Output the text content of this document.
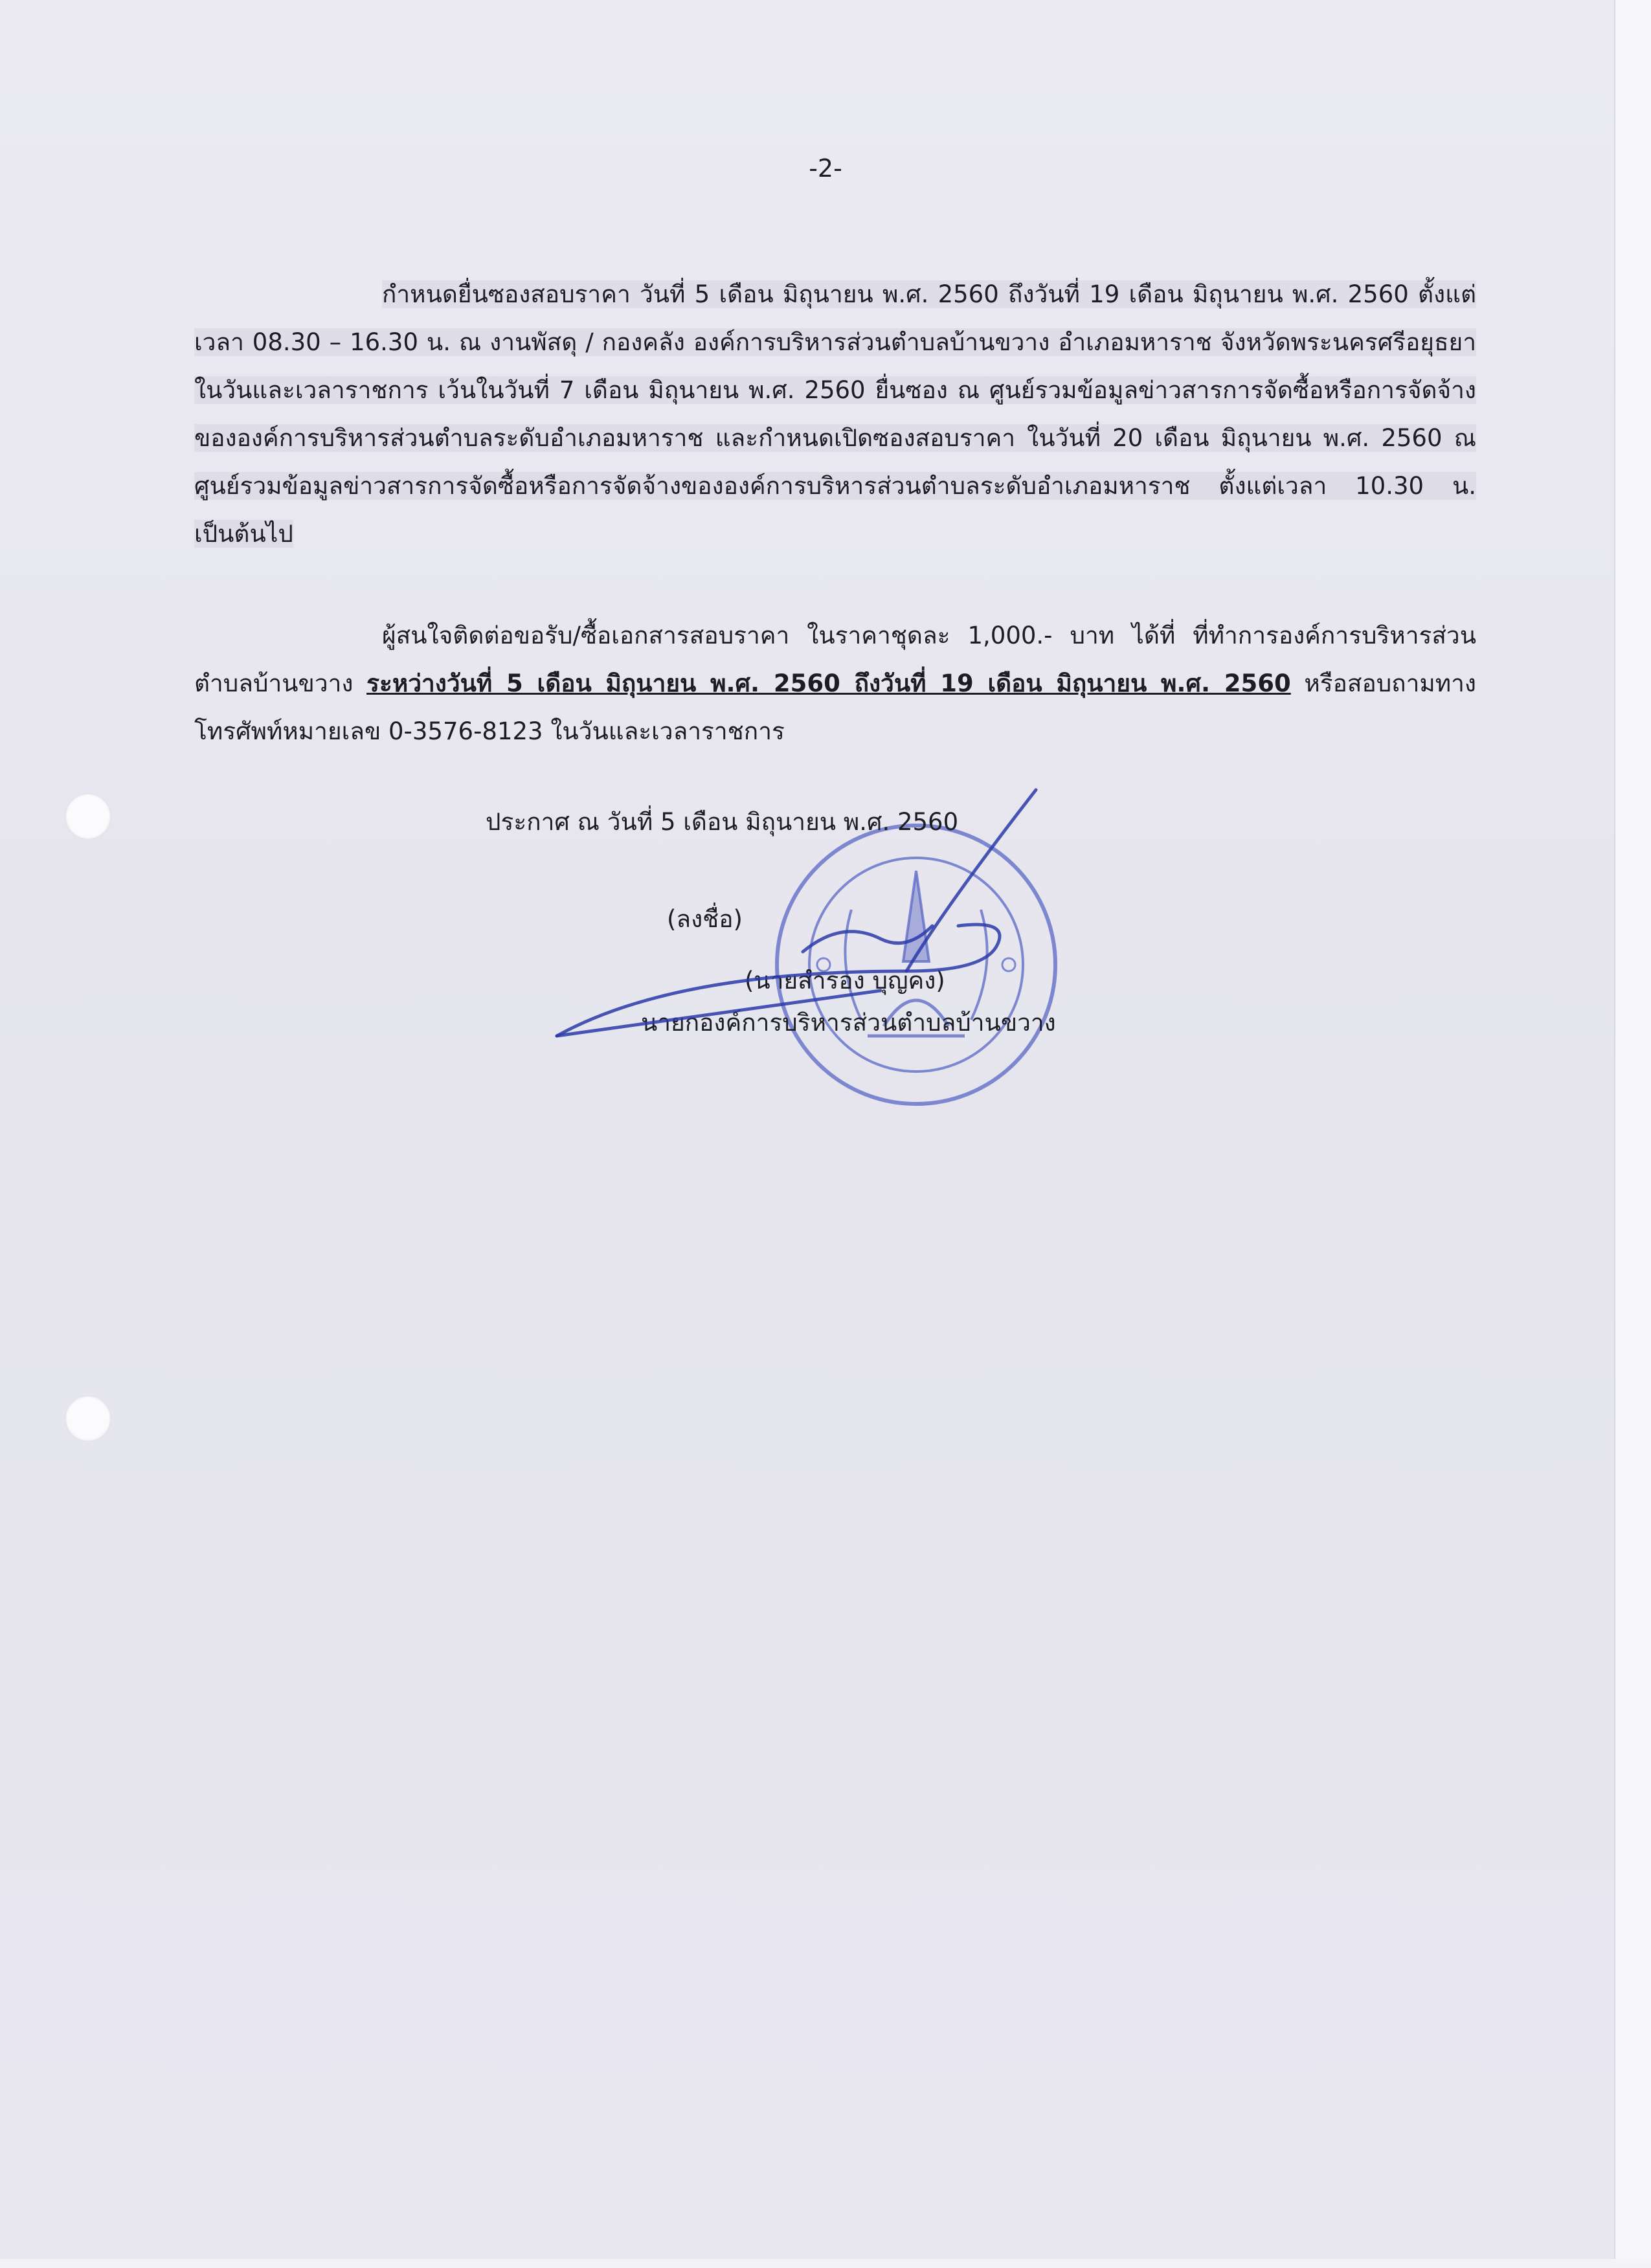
-2-

กำหนดยื่นซองสอบราคา วันที่ 5 เดือน มิถุนายน พ.ศ. 2560 ถึงวันที่ 19 เดือน มิถุนายน พ.ศ. 2560 ตั้งแต่เวลา 08.30 – 16.30 น. ณ งานพัสดุ / กองคลัง องค์การบริหารส่วนตำบลบ้านขวาง อำเภอมหาราช จังหวัดพระนครศรีอยุธยา ในวันและเวลาราชการ เว้นในวันที่ 7 เดือน มิถุนายน พ.ศ. 2560 ยื่นซอง ณ ศูนย์รวมข้อมูลข่าวสารการจัดซื้อหรือการจัดจ้างขององค์การบริหารส่วนตำบลระดับอำเภอมหาราช และกำหนดเปิดซองสอบราคา ในวันที่ 20 เดือน มิถุนายน พ.ศ. 2560 ณ ศูนย์รวมข้อมูลข่าวสารการจัดซื้อหรือการจัดจ้างขององค์การบริหารส่วนตำบลระดับอำเภอมหาราช ตั้งแต่เวลา 10.30 น. เป็นต้นไป

ผู้สนใจติดต่อขอรับ/ซื้อเอกสารสอบราคา ในราคาชุดละ 1,000.- บาท ได้ที่ ที่ทำการองค์การบริหารส่วนตำบลบ้านขวาง ระหว่างวันที่ 5 เดือน มิถุนายน พ.ศ. 2560 ถึงวันที่ 19 เดือน มิถุนายน พ.ศ. 2560 หรือสอบถามทางโทรศัพท์หมายเลข 0-3576-8123 ในวันและเวลาราชการ

ประกาศ ณ วันที่ 5 เดือน มิถุนายน พ.ศ. 2560
(ลงชื่อ)
(นายสำรอง บุญคง)
นายกองค์การบริหารส่วนตำบลบ้านขวาง
